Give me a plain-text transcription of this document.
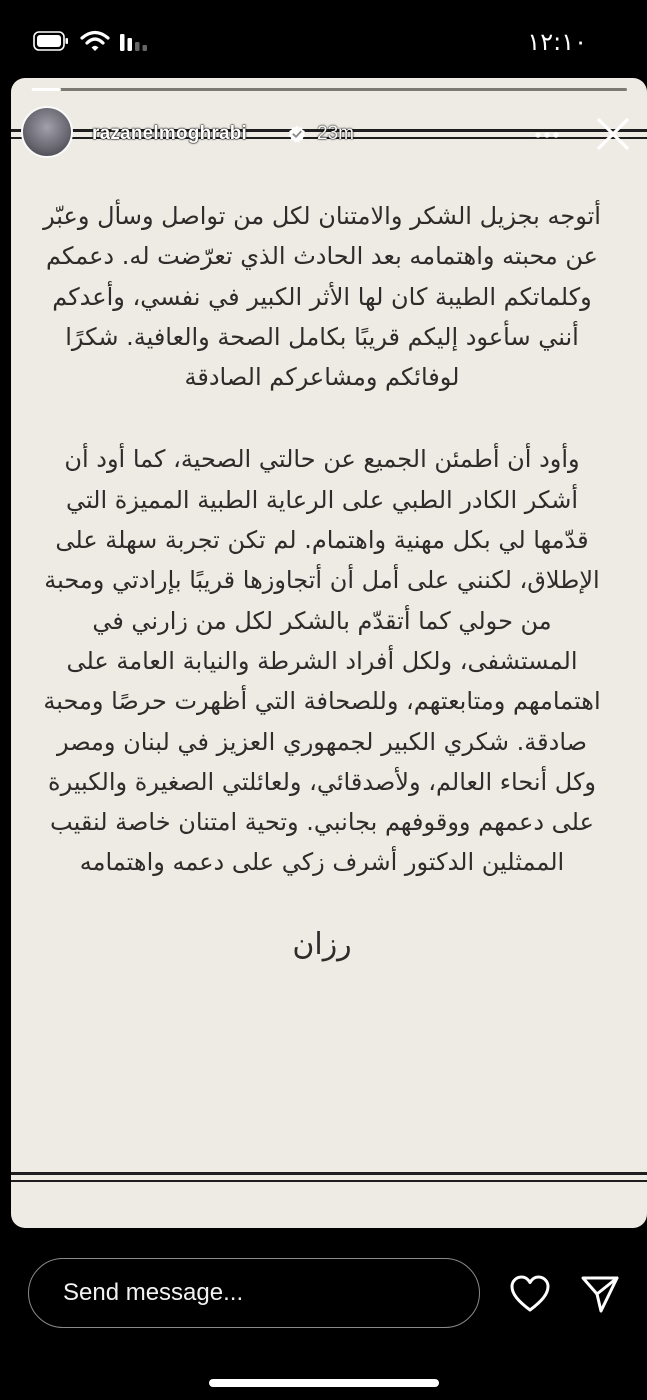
١٢:١٠
razanelmoghrabi	23m

أتوجه بجزيل الشكر والامتنان لكل من تواصل وسأل وعبّر عن محبته واهتمامه بعد الحادث الذي تعرّضت له. دعمكم وكلماتكم الطيبة كان لها الأثر الكبير في نفسي، وأعدكم أنني سأعود إليكم قريبًا بكامل الصحة والعافية. شكرًا لوفائكم ومشاعركم الصادقة

وأود أن أطمئن الجميع عن حالتي الصحية، كما أود أن أشكر الكادر الطبي على الرعاية الطبية المميزة التي قدّمها لي بكل مهنية واهتمام. لم تكن تجربة سهلة على الإطلاق، لكنني على أمل أن أتجاوزها قريبًا بإرادتي ومحبة من حولي كما أتقدّم بالشكر لكل من زارني في المستشفى، ولكل أفراد الشرطة والنيابة العامة على اهتمامهم ومتابعتهم، وللصحافة التي أظهرت حرصًا ومحبة صادقة. شكري الكبير لجمهوري العزيز في لبنان ومصر وكل أنحاء العالم، ولأصدقائي، ولعائلتي الصغيرة والكبيرة على دعمهم ووقوفهم بجانبي. وتحية امتنان خاصة لنقيب الممثلين الدكتور أشرف زكي على دعمه واهتمامه

رزان

Send message...
